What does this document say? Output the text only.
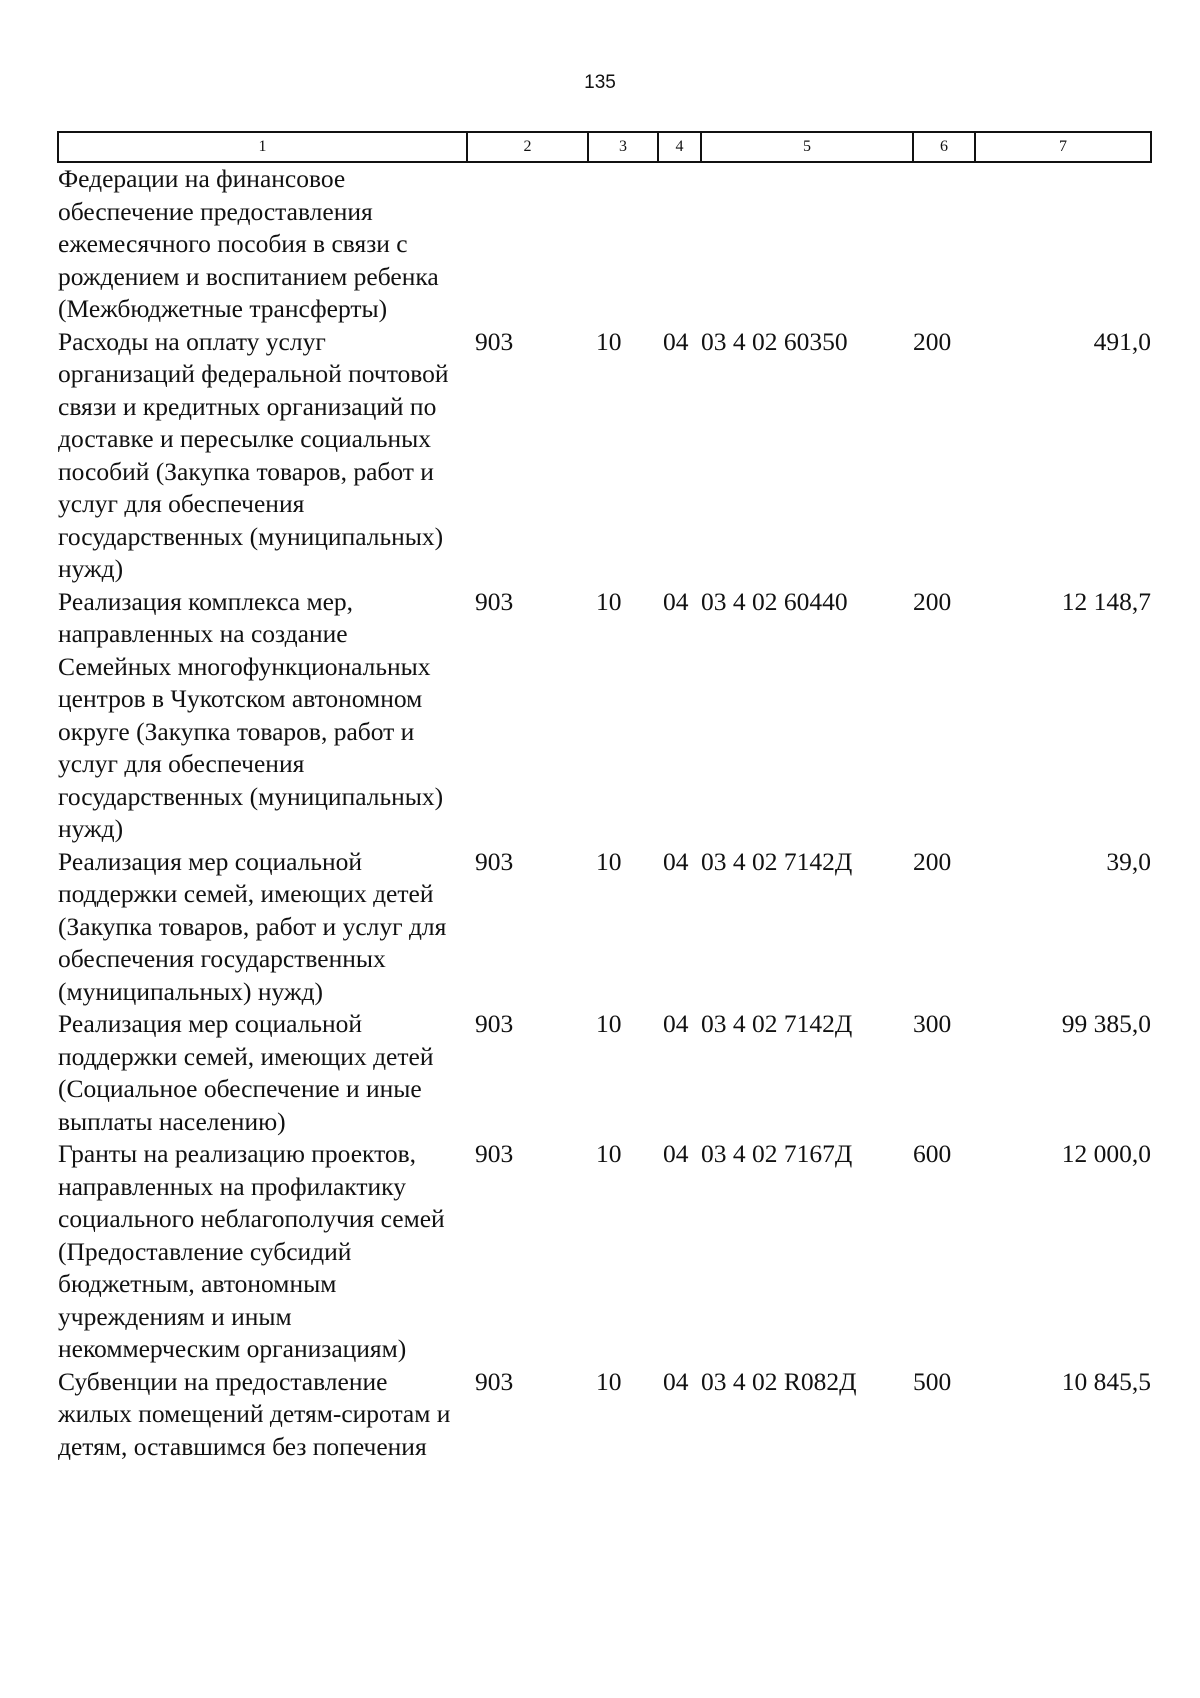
135
1	2	3	4	5	6	7
Федерации на финансовое обеспечение предоставления ежемесячного пособия в связи с рождением и воспитанием ребенка (Межбюджетные трансферты)						
Расходы на оплату услуг организаций федеральной почтовой связи и кредитных организаций по доставке и пересылке социальных пособий (Закупка товаров, работ и услуг для обеспечения государственных (муниципальных) нужд)	903	10	04	03 4 02 60350	200	491,0
Реализация комплекса мер, направленных на создание Семейных многофункциональных центров в Чукотском автономном округе (Закупка товаров, работ и услуг для обеспечения государственных (муниципальных) нужд)	903	10	04	03 4 02 60440	200	12 148,7
Реализация мер социальной поддержки семей, имеющих детей (Закупка товаров, работ и услуг для обеспечения государственных (муниципальных) нужд)	903	10	04	03 4 02 7142Д	200	39,0
Реализация мер социальной поддержки семей, имеющих детей (Социальное обеспечение и иные выплаты населению)	903	10	04	03 4 02 7142Д	300	99 385,0
Гранты на реализацию проектов, направленных на профилактику социального неблагополучия семей (Предоставление субсидий бюджетным, автономным учреждениям и иным некоммерческим организациям)	903	10	04	03 4 02 7167Д	600	12 000,0
Субвенции на предоставление жилых помещений детям-сиротам и детям, оставшимся без попечения	903	10	04	03 4 02 R082Д	500	10 845,5
